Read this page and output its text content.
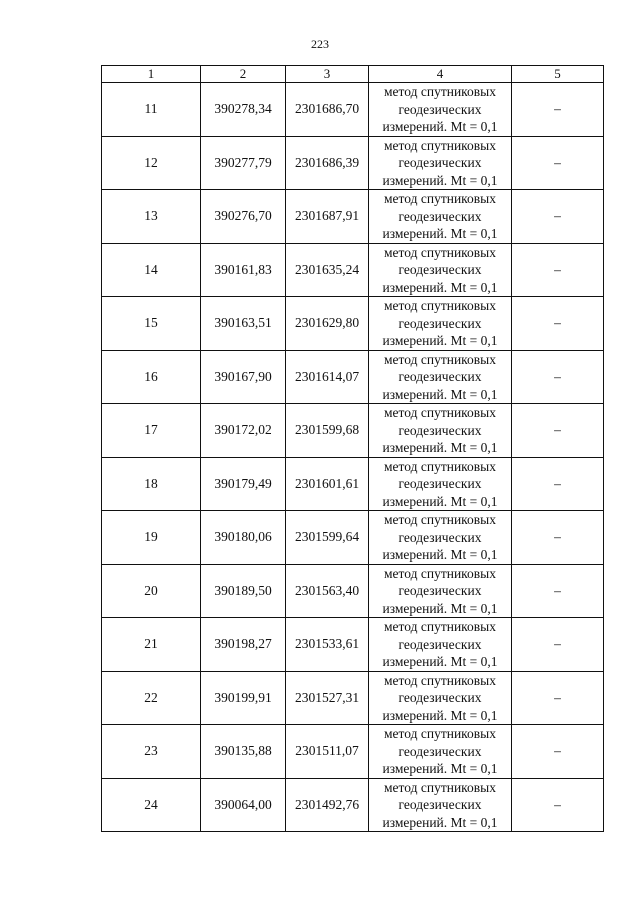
223
1	2	3	4	5
11	390278,34	2301686,70	метод спутниковых
геодезических
измерений. Mt = 0,1	–
12	390277,79	2301686,39	метод спутниковых
геодезических
измерений. Mt = 0,1	–
13	390276,70	2301687,91	метод спутниковых
геодезических
измерений. Mt = 0,1	–
14	390161,83	2301635,24	метод спутниковых
геодезических
измерений. Mt = 0,1	–
15	390163,51	2301629,80	метод спутниковых
геодезических
измерений. Mt = 0,1	–
16	390167,90	2301614,07	метод спутниковых
геодезических
измерений. Mt = 0,1	–
17	390172,02	2301599,68	метод спутниковых
геодезических
измерений. Mt = 0,1	–
18	390179,49	2301601,61	метод спутниковых
геодезических
измерений. Mt = 0,1	–
19	390180,06	2301599,64	метод спутниковых
геодезических
измерений. Mt = 0,1	–
20	390189,50	2301563,40	метод спутниковых
геодезических
измерений. Mt = 0,1	–
21	390198,27	2301533,61	метод спутниковых
геодезических
измерений. Mt = 0,1	–
22	390199,91	2301527,31	метод спутниковых
геодезических
измерений. Mt = 0,1	–
23	390135,88	2301511,07	метод спутниковых
геодезических
измерений. Mt = 0,1	–
24	390064,00	2301492,76	метод спутниковых
геодезических
измерений. Mt = 0,1	–
